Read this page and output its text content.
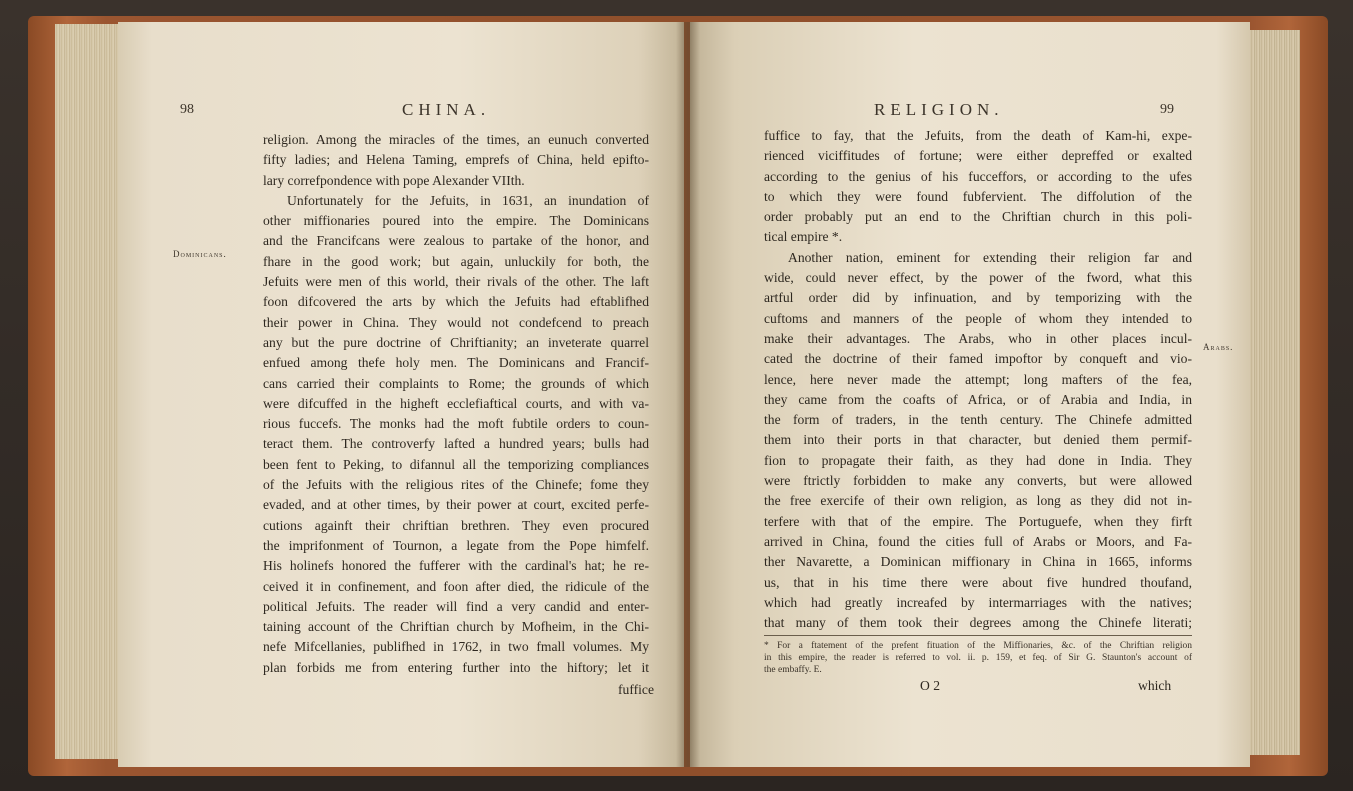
98	CHINA.
Dominicans.
religion. Among the miracles of the times, an eunuch converted
fifty ladies; and Helena Taming, emprefs of China, held epifto-
lary correfpondence with pope Alexander VIIth.
Unfortunately for the Jefuits, in 1631, an inundation of
other miffionaries poured into the empire. The Dominicans
and the Francifcans were zealous to partake of the honor, and
fhare in the good work; but again, unluckily for both, the
Jefuits were men of this world, their rivals of the other. The laft
foon difcovered the arts by which the Jefuits had eftablifhed
their power in China. They would not condefcend to preach
any but the pure doctrine of Chriftianity; an inveterate quarrel
enfued among thefe holy men. The Dominicans and Francif-
cans carried their complaints to Rome; the grounds of which
were difcuffed in the higheft ecclefiaftical courts, and with va-
rious fuccefs. The monks had the moft fubtile orders to coun-
teract them. The controverfy lafted a hundred years; bulls had
been fent to Peking, to difannul all the temporizing compliances
of the Jefuits with the religious rites of the Chinefe; fome they
evaded, and at other times, by their power at court, excited perfe-
cutions againft their chriftian brethren. They even procured
the imprifonment of Tournon, a legate from the Pope himfelf.
His holinefs honored the fufferer with the cardinal's hat; he re-
ceived it in confinement, and foon after died, the ridicule of the
political Jefuits. The reader will find a very candid and enter-
taining account of the Chriftian church by Mofheim, in the Chi-
nefe Mifcellanies, publifhed in 1762, in two fmall volumes. My
plan forbids me from entering further into the hiftory; let it
fuffice
RELIGION.	99
Arabs.
fuffice to fay, that the Jefuits, from the death of Kam-hi, expe-
rienced viciffitudes of fortune; were either depreffed or exalted
according to the genius of his fucceffors, or according to the ufes
to which they were found fubfervient. The diffolution of the
order probably put an end to the Chriftian church in this poli-
tical empire *.
Another nation, eminent for extending their religion far and
wide, could never effect, by the power of the fword, what this
artful order did by infinuation, and by temporizing with the
cuftoms and manners of the people of whom they intended to
make their advantages. The Arabs, who in other places incul-
cated the doctrine of their famed impoftor by conqueft and vio-
lence, here never made the attempt; long mafters of the fea,
they came from the coafts of Africa, or of Arabia and India, in
the form of traders, in the tenth century. The Chinefe admitted
them into their ports in that character, but denied them permif-
fion to propagate their faith, as they had done in India. They
were ftrictly forbidden to make any converts, but were allowed
the free exercife of their own religion, as long as they did not in-
terfere with that of the empire. The Portuguefe, when they firft
arrived in China, found the cities full of Arabs or Moors, and Fa-
ther Navarette, a Dominican miffionary in China in 1665, informs
us, that in his time there were about five hundred thoufand,
which had greatly increafed by intermarriages with the natives;
that many of them took their degrees among the Chinefe literati;
* For a ftatement of the prefent fituation of the Miffionaries, &c. of the Chriftian religion
in this empire, the reader is referred to vol. ii. p. 159, et feq. of Sir G. Staunton's account of
the embaffy. E.
O 2	which
